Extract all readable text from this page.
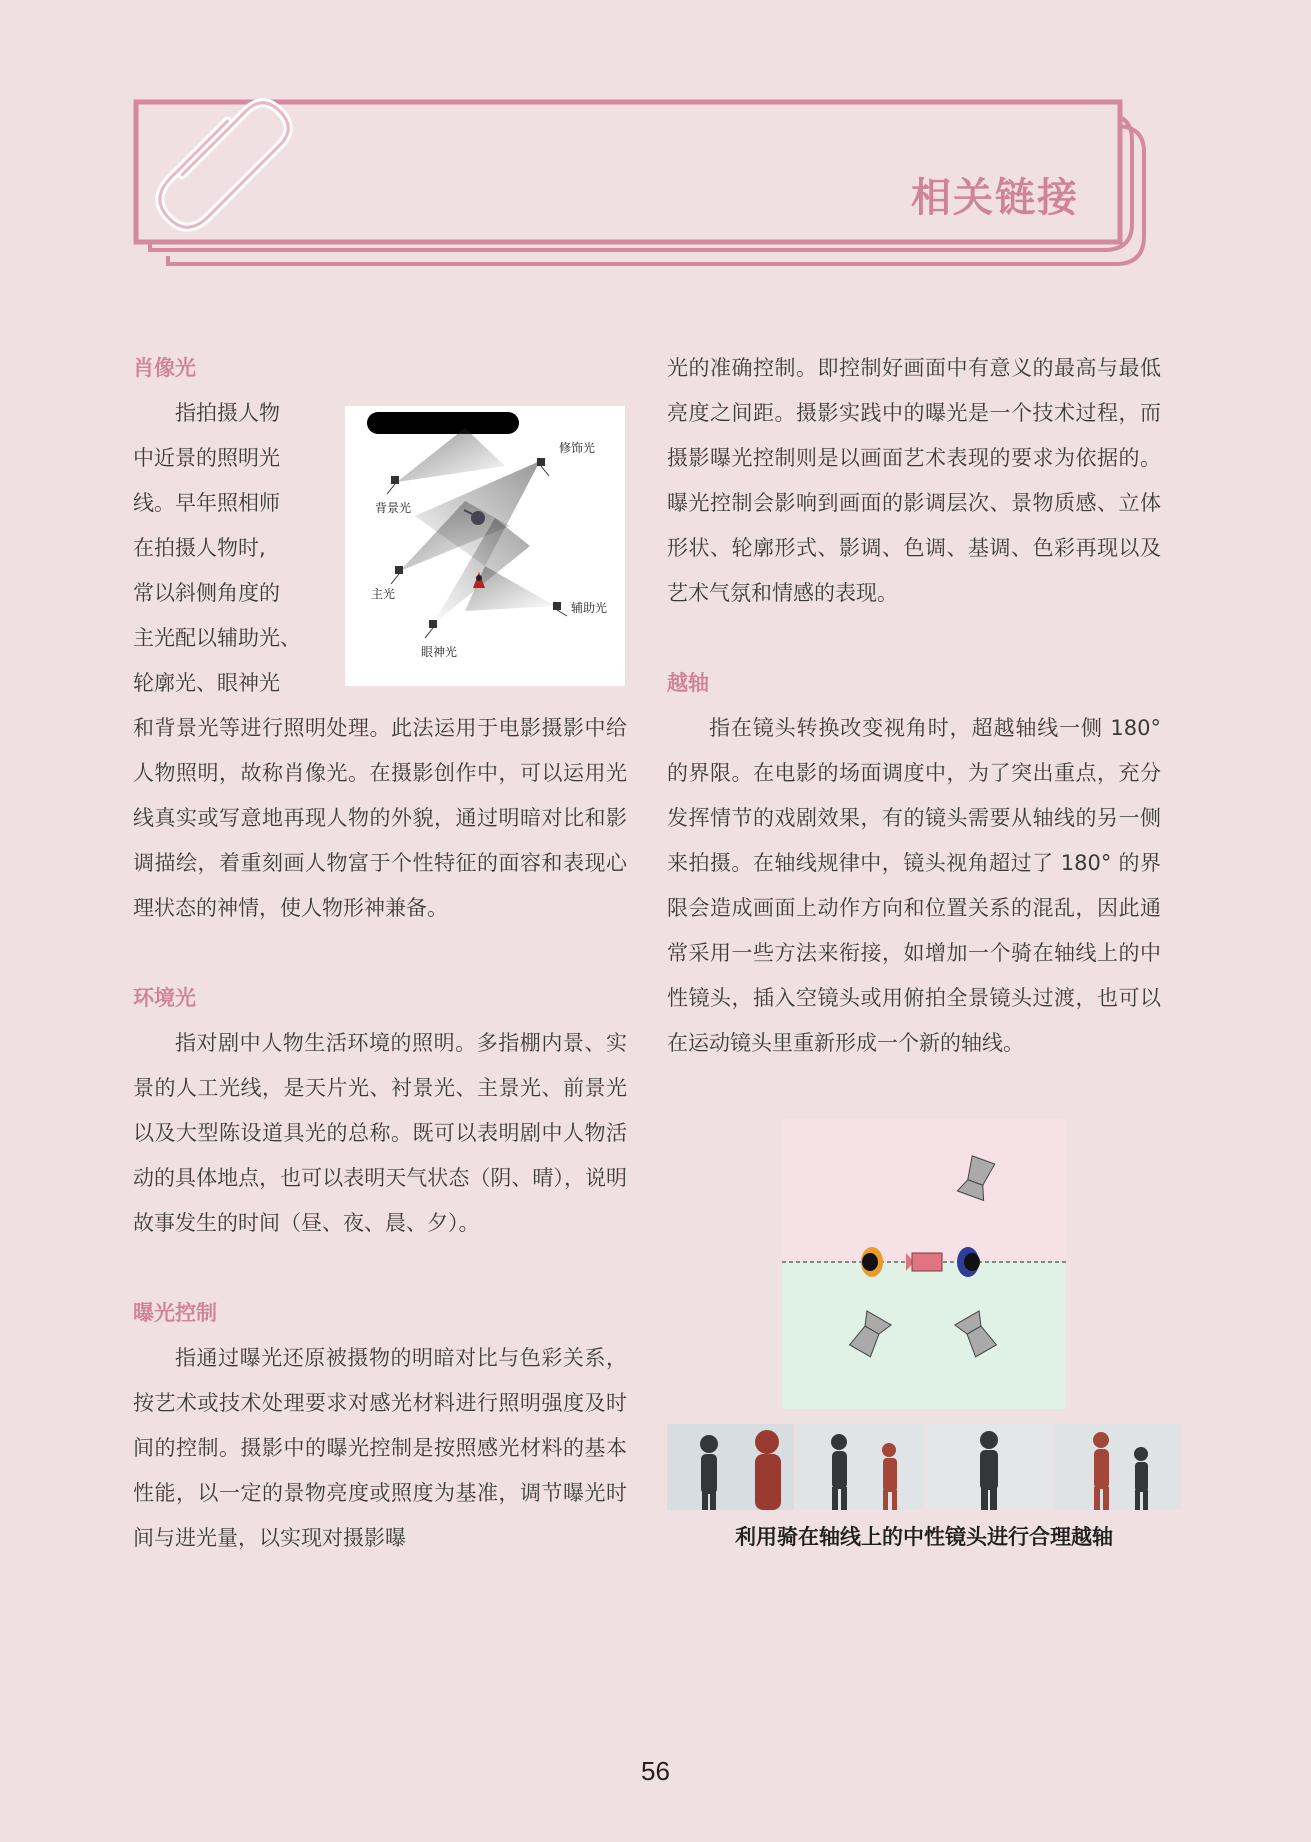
相关链接
肖像光
指拍摄人物
中近景的照明光
线。早年照相师
在拍摄人物时,
常以斜侧角度的
主光配以辅助光、
轮廓光、眼神光

和背景光等进行照明处理。此法运用于电影摄影中给人物照明，故称肖像光。在摄影创作中，可以运用光线真实或写意地再现人物的外貌，通过明暗对比和影调描绘，着重刻画人物富于个性特征的面容和表现心理状态的神情，使人物形神兼备。

环境光

指对剧中人物生活环境的照明。多指棚内景、实景的人工光线，是天片光、衬景光、主景光、前景光以及大型陈设道具光的总称。既可以表明剧中人物活动的具体地点，也可以表明天气状态（阴、晴），说明故事发生的时间（昼、夜、晨、夕）。

曝光控制

指通过曝光还原被摄物的明暗对比与色彩关系，按艺术或技术处理要求对感光材料进行照明强度及时间的控制。摄影中的曝光控制是按照感光材料的基本性能，以一定的景物亮度或照度为基准，调节曝光时间与进光量，以实现对摄影曝

修饰光
背景光
主光
辅助光
眼神光

光的准确控制。即控制好画面中有意义的最高与最低亮度之间距。摄影实践中的曝光是一个技术过程，而摄影曝光控制则是以画面艺术表现的要求为依据的。曝光控制会影响到画面的影调层次、景物质感、立体形状、轮廓形式、影调、色调、基调、色彩再现以及艺术气氛和情感的表现。

越轴

指在镜头转换改变视角时，超越轴线一侧 180° 的界限。在电影的场面调度中，为了突出重点，充分发挥情节的戏剧效果，有的镜头需要从轴线的另一侧来拍摄。在轴线规律中，镜头视角超过了 180° 的界限会造成画面上动作方向和位置关系的混乱，因此通常采用一些方法来衔接，如增加一个骑在轴线上的中性镜头，插入空镜头或用俯拍全景镜头过渡，也可以在运动镜头里重新形成一个新的轴线。

利用骑在轴线上的中性镜头进行合理越轴
56
